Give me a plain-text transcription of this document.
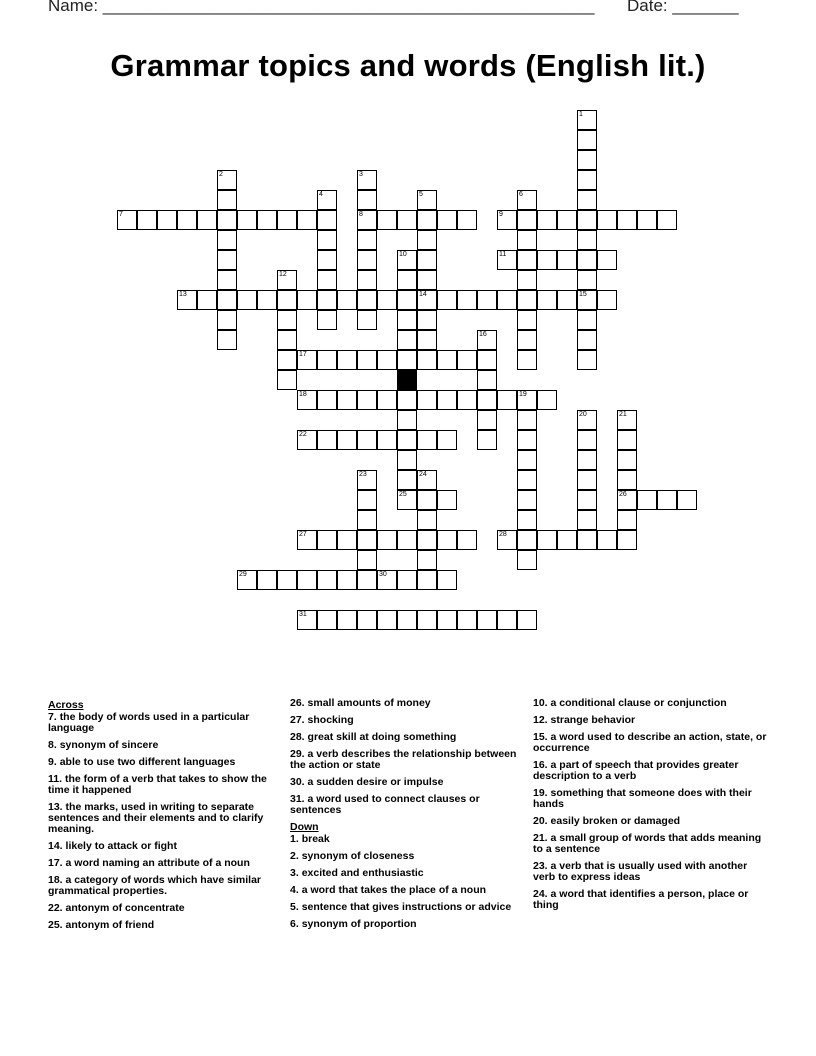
Name: ____________________________________________________ Date: _______
Grammar topics and words (English lit.)
1
15
2	3
8
4	5
14
6
7	9
10	11
12
13
16
17
18	19
20	21
26
22
23	24
25
27	28
29	30
31
Across
7. the body of words used in a particular language
8. synonym of sincere
9. able to use two different languages
11. the form of a verb that takes to show the time it happened
13. the marks, used in writing to separate sentences and their elements and to clarify meaning.
14. likely to attack or fight
17. a word naming an attribute of a noun
18. a category of words which have similar grammatical properties.
22. antonym of concentrate
25. antonym of friend
26. small amounts of money
27. shocking
28. great skill at doing something
29. a verb describes the relationship between the action or state
30. a sudden desire or impulse
31. a word used to connect clauses or sentences
Down
1. break
2. synonym of closeness
3. excited and enthusiastic
4. a word that takes the place of a noun
5. sentence that gives instructions or advice
6. synonym of proportion
10. a conditional clause or conjunction
12. strange behavior
15. a word used to describe an action, state, or occurrence
16. a part of speech that provides greater description to a verb
19. something that someone does with their hands
20. easily broken or damaged
21. a small group of words that adds meaning to a sentence
23. a verb that is usually used with another verb to express ideas
24. a word that identifies a person, place or thing
